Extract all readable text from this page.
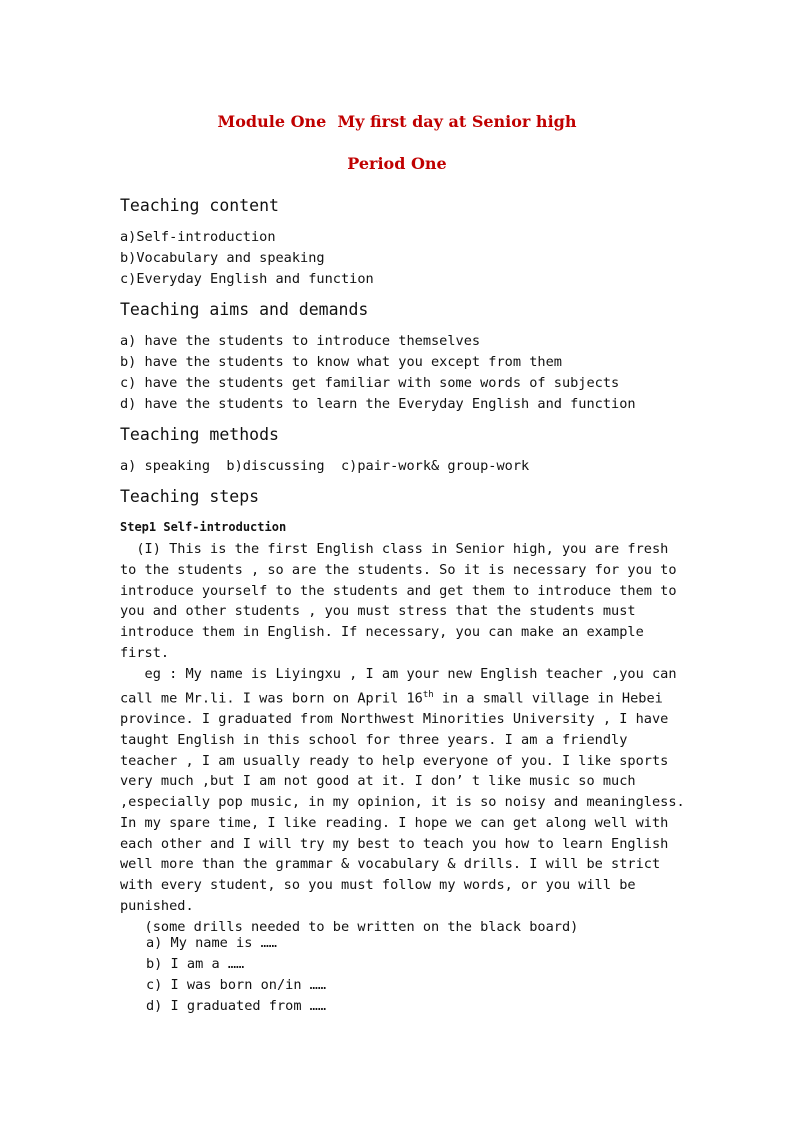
Module One  My first day at Senior high
Period One
Teaching content
a)Self-introduction
b)Vocabulary and speaking
c)Everyday English and function
Teaching aims and demands
a) have the students to introduce themselves
b) have the students to know what you except from them
c) have the students get familiar with some words of subjects
d) have the students to learn the Everyday English and function
Teaching methods
a) speaking  b)discussing  c)pair-work& group-work
Teaching steps
Step1 Self-introduction
(I) This is the first English class in Senior high, you are fresh
to the students , so are the students. So it is necessary for you to
introduce yourself to the students and get them to introduce them to
you and other students , you must stress that the students must
introduce them in English. If necessary, you can make an example
first.
eg : My name is Liyingxu , I am your new English teacher ,you can
call me Mr.li. I was born on April 16th in a small village in Hebei
province. I graduated from Northwest Minorities University , I have
taught English in this school for three years. I am a friendly
teacher , I am usually ready to help everyone of you. I like sports
very much ,but I am not good at it. I don’ t like music so much
,especially pop music, in my opinion, it is so noisy and meaningless.
In my spare time, I like reading. I hope we can get along well with
each other and I will try my best to teach you how to learn English
well more than the grammar & vocabulary & drills. I will be strict
with every student, so you must follow my words, or you will be
punished.
(some drills needed to be written on the black board)
a) My name is ……
b) I am a ……
c) I was born on/in ……
d) I graduated from ……
